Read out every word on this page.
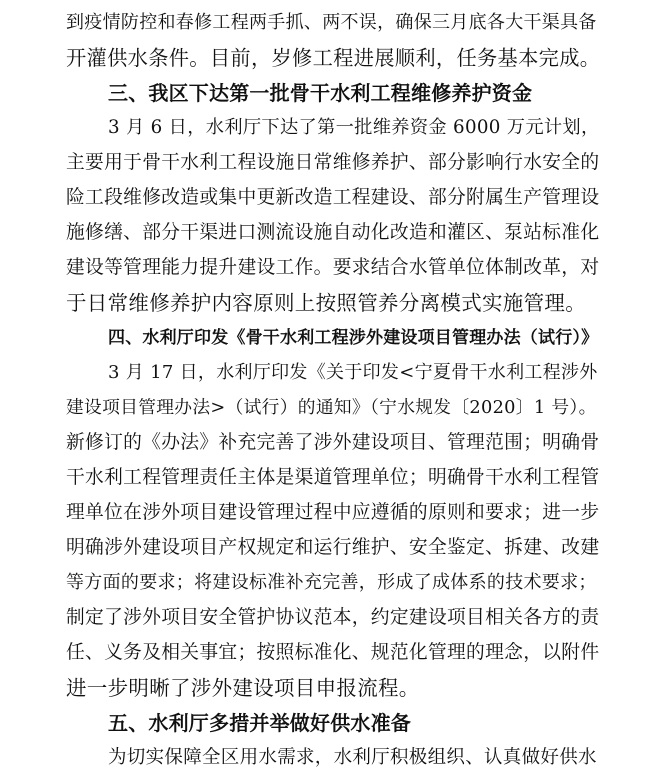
到疫情防控和春修工程两手抓、两不误，确保三月底各大干渠具备
开灌供水条件。目前，岁修工程进展顺利，任务基本完成。
三、我区下达第一批骨干水利工程维修养护资金
3 月 6 日，水利厅下达了第一批维养资金 6000 万元计划，
主要用于骨干水利工程设施日常维修养护、部分影响行水安全的
险工段维修改造或集中更新改造工程建设、部分附属生产管理设
施修缮、部分干渠进口测流设施自动化改造和灌区、泵站标准化
建设等管理能力提升建设工作。要求结合水管单位体制改革，对
于日常维修养护内容原则上按照管养分离模式实施管理。
四、水利厅印发《骨干水利工程涉外建设项目管理办法（试行）》
3 月 17 日，水利厅印发《关于印发<宁夏骨干水利工程涉外
建设项目管理办法>（试行）的通知》（宁水规发〔2020〕1 号）。
新修订的《办法》补充完善了涉外建设项目、管理范围；明确骨
干水利工程管理责任主体是渠道管理单位；明确骨干水利工程管
理单位在涉外项目建设管理过程中应遵循的原则和要求；进一步
明确涉外建设项目产权规定和运行维护、安全鉴定、拆建、改建
等方面的要求；将建设标准补充完善，形成了成体系的技术要求；
制定了涉外项目安全管护协议范本，约定建设项目相关各方的责
任、义务及相关事宜；按照标准化、规范化管理的理念，以附件
进一步明晰了涉外建设项目申报流程。
五、水利厅多措并举做好供水准备
为切实保障全区用水需求，水利厅积极组织、认真做好供水
